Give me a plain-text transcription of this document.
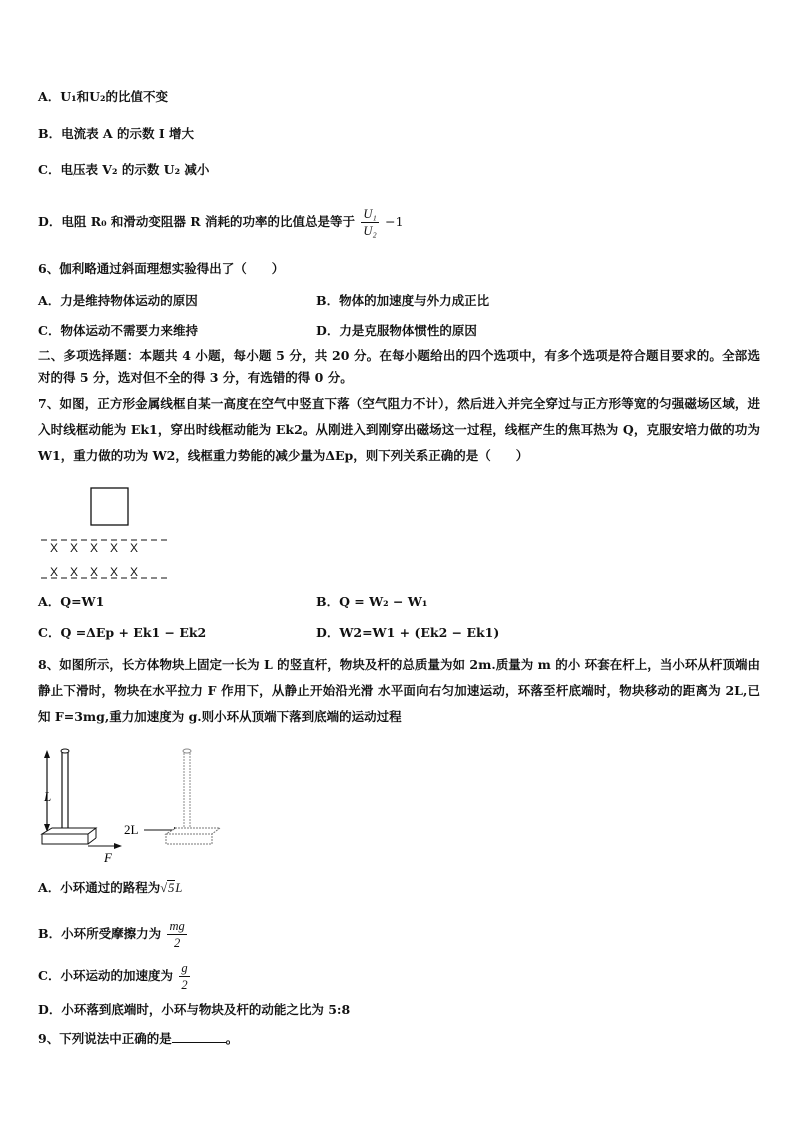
A．U₁和U₂的比值不变
B．电流表 A 的示数 I 增大
C．电压表 V₂ 的示数 U₂ 减小
D．电阻 R₀ 和滑动变阻器 R 消耗的功率的比值总是等于 $\frac{\text{U₁}}{\text{U₂}} -1$
6、伽利略通过斜面理想实验得出了（　　）
A．力是维持物体运动的原因	B．物体的加速度与外力成正比
C．物体运动不需要力来维持	D．力是克服物体惯性的原因
二、多项选择题：本题共 4 小题，每小题 5 分，共 20 分。在每小题给出的四个选项中，有多个选项是符合题目要求的。全部选对的得 5 分，选对但不全的得 3 分，有选错的得 0 分。
7、如图，正方形金属线框自某一高度在空气中竖直下落（空气阻力不计），然后进入并完全穿过与正方形等宽的匀强磁场区域，进入时线框动能为 Ek1，穿出时线框动能为 Ek2。从刚进入到刚穿出磁场这一过程，线框产生的焦耳热为 Q，克服安培力做的功为 W1，重力做的功为 W2，线框重力势能的减少量为ΔEp，则下列关系正确的是（　　）
X　X　X　X　X
X　X　X　X　X
A．Q=W1	B．Q = W₂ − W₁
C．Q =ΔEp + Ek1 − Ek2	D．W2=W1 + (Ek2 − Ek1)
8、如图所示，长方体物块上固定一长为 L 的竖直杆，物块及杆的总质量为如 2m.质量为 m 的小 环套在杆上，当小环从杆顶端由静止下滑时，物块在水平拉力 F 作用下，从静止开始沿光滑 水平面向右匀加速运动，环落至杆底端时，物块移动的距离为 2L,已知 F=3mg,重力加速度为 g.则小环从顶端下落到底端的运动过程
L
F
2L
A．小环通过的路程为√5L
B．小环所受摩擦力为 $\frac{mg}{2}$
C．小环运动的加速度为 $\frac{g}{2}$
D．小环落到底端时，小环与物块及杆的动能之比为 5:8
9、下列说法中正确的是	。
